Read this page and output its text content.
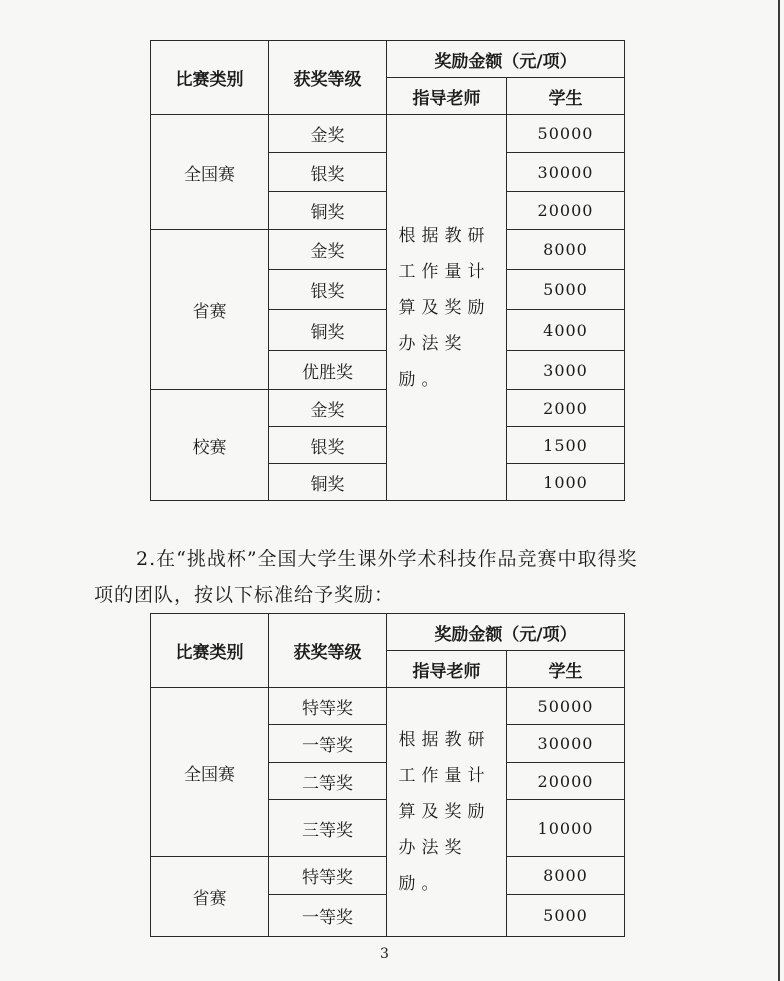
比赛类别	获奖等级	奖励金额（元/项）	
		指导老师	学生
全国赛	金奖	根据教研工作量计算及奖励办法奖励。	50000
	银奖		30000
	铜奖		20000
省赛	金奖		8000
	银奖		5000
	铜奖		4000
	优胜奖		3000
校赛	金奖		2000
	银奖		1500
	铜奖		1000
2.在“挑战杯”全国大学生课外学术科技作品竞赛中取得奖
项的团队，按以下标准给予奖励：
比赛类别	获奖等级	奖励金额（元/项）	
		指导老师	学生
全国赛	特等奖	根据教研工作量计算及奖励办法奖励。	50000
	一等奖		30000
	二等奖		20000
	三等奖		10000
省赛	特等奖		8000
	一等奖		5000
3
